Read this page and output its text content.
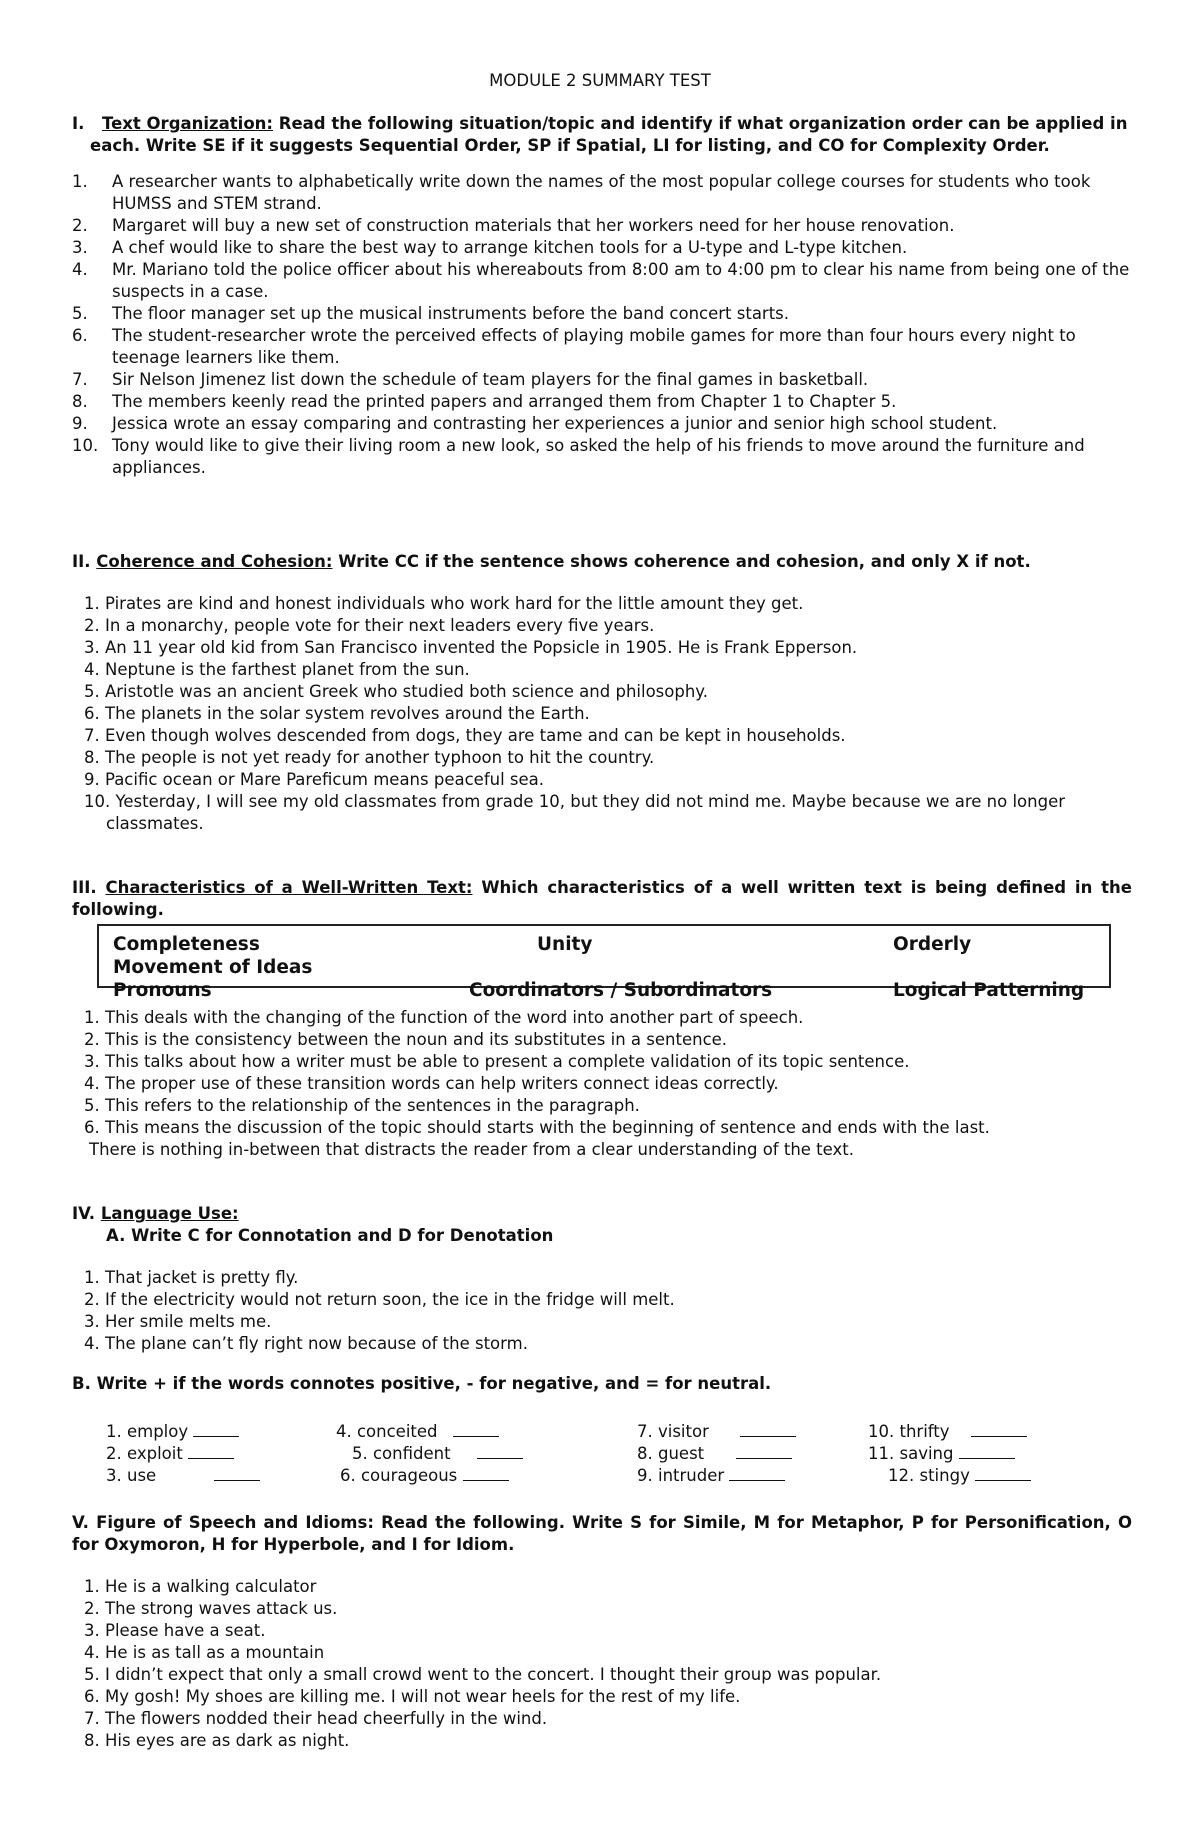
MODULE 2 SUMMARY TEST
I. Text Organization: Read the following situation/topic and identify if what organization order can be applied in
each. Write SE if it suggests Sequential Order, SP if Spatial, LI for listing, and CO for Complexity Order.
1.	A researcher wants to alphabetically write down the names of the most popular college courses for students who took HUMSS and STEM strand.
2.	Margaret will buy a new set of construction materials that her workers need for her house renovation.
3.	A chef would like to share the best way to arrange kitchen tools for a U-type and L-type kitchen.
4.	Mr. Mariano told the police officer about his whereabouts from 8:00 am to 4:00 pm to clear his name from being one of the suspects in a case.
5.	The floor manager set up the musical instruments before the band concert starts.
6.	The student-researcher wrote the perceived effects of playing mobile games for more than four hours every night to teenage learners like them.
7.	Sir Nelson Jimenez list down the schedule of team players for the final games in basketball.
8.	The members keenly read the printed papers and arranged them from Chapter 1 to Chapter 5.
9.	Jessica wrote an essay comparing and contrasting her experiences a junior and senior high school student.
10. Tony would like to give their living room a new look, so asked the help of his friends to move around the furniture and appliances.
II. Coherence and Cohesion: Write CC if the sentence shows coherence and cohesion, and only X if not.
1. Pirates are kind and honest individuals who work hard for the little amount they get.
2. In a monarchy, people vote for their next leaders every five years.
3. An 11 year old kid from San Francisco invented the Popsicle in 1905. He is Frank Epperson.
4. Neptune is the farthest planet from the sun.
5. Aristotle was an ancient Greek who studied both science and philosophy.
6. The planets in the solar system revolves around the Earth.
7. Even though wolves descended from dogs, they are tame and can be kept in households.
8. The people is not yet ready for another typhoon to hit the country.
9. Pacific ocean or Mare Pareficum means peaceful sea.
10. Yesterday, I will see my old classmates from grade 10, but they did not mind me. Maybe because we are no longer classmates.
III. Characteristics of a Well-Written Text: Which characteristics of a well written text is being defined in the following.
Completeness	Unity	Orderly
Movement of Ideas
Pronouns	Coordinators / Subordinators	Logical Patterning
1. This deals with the changing of the function of the word into another part of speech.
2. This is the consistency between the noun and its substitutes in a sentence.
3. This talks about how a writer must be able to present a complete validation of its topic sentence.
4. The proper use of these transition words can help writers connect ideas correctly.
5. This refers to the relationship of the sentences in the paragraph.
6. This means the discussion of the topic should starts with the beginning of sentence and ends with the last.
There is nothing in-between that distracts the reader from a clear understanding of the text.
IV. Language Use:
A. Write C for Connotation and D for Denotation
1. That jacket is pretty fly.
2. If the electricity would not return soon, the ice in the fridge will melt.
3. Her smile melts me.
4. The plane can’t fly right now because of the storm.
B. Write + if the words connotes positive, - for negative, and = for neutral.
1. employ	4. conceited	7. visitor	10. thrifty
2. exploit	5. confident	8. guest	11. saving
3. use	6. courageous	9. intruder	12. stingy
V. Figure of Speech and Idioms: Read the following. Write S for Simile, M for Metaphor, P for Personification, O for Oxymoron, H for Hyperbole, and I for Idiom.
1. He is a walking calculator
2. The strong waves attack us.
3. Please have a seat.
4. He is as tall as a mountain
5. I didn’t expect that only a small crowd went to the concert. I thought their group was popular.
6. My gosh! My shoes are killing me. I will not wear heels for the rest of my life.
7. The flowers nodded their head cheerfully in the wind.
8. His eyes are as dark as night.
